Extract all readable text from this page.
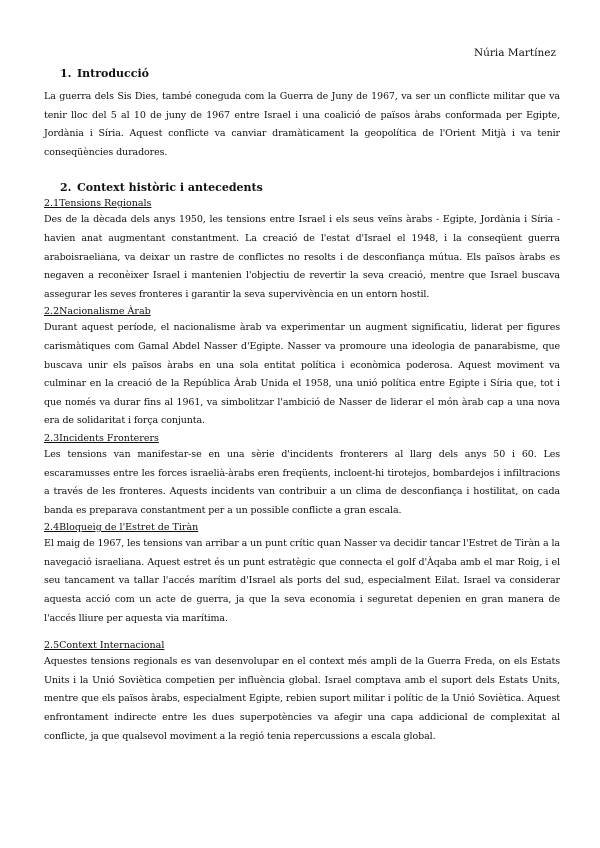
Núria Martínez
1. Introducció

La guerra dels Sis Dies, també coneguda com la Guerra de Juny de 1967, va ser un conflicte militar que va tenir lloc del 5 al 10 de juny de 1967 entre Israel i una coalició de països àrabs conformada per Egipte, Jordània i Síria. Aquest conflicte va canviar dramàticament la geopolítica de l'Orient Mitjà i va tenir conseqüències duradores.

2. Context històric i antecedents
2.1Tensions Regionals

Des de la dècada dels anys 1950, les tensions entre Israel i els seus veïns àrabs - Egipte, Jordània i Síria - havien anat augmentant constantment. La creació de l'estat d'Israel el 1948, i la conseqüent guerra araboisraeliana, va deixar un rastre de conflictes no resolts i de desconfiança mútua. Els països àrabs es negaven a reconèixer Israel i mantenien l'objectiu de revertir la seva creació, mentre que Israel buscava assegurar les seves fronteres i garantir la seva supervivència en un entorn hostil.

2.2Nacionalisme Àrab

Durant aquest període, el nacionalisme àrab va experimentar un augment significatiu, liderat per figures carismàtiques com Gamal Abdel Nasser d'Egipte. Nasser va promoure una ideologia de panarabisme, que buscava unir els països àrabs en una sola entitat política i econòmica poderosa. Aquest moviment va culminar en la creació de la República Àrab Unida el 1958, una unió política entre Egipte i Síria que, tot i que només va durar fins al 1961, va simbolitzar l'ambició de Nasser de liderar el món àrab cap a una nova era de solidaritat i força conjunta.

2.3Incidents Fronterers

Les tensions van manifestar-se en una sèrie d'incidents fronterers al llarg dels anys 50 i 60. Les escaramusses entre les forces israelià-àrabs eren freqüents, incloent-hi tirotejos, bombardejos i infiltracions a través de les fronteres. Aquests incidents van contribuir a un clima de desconfiança i hostilitat, on cada banda es preparava constantment per a un possible conflicte a gran escala.

2.4Bloqueig de l'Estret de Tiràn

El maig de 1967, les tensions van arribar a un punt crític quan Nasser va decidir tancar l'Estret de Tiràn a la navegació israeliana. Aquest estret és un punt estratègic que connecta el golf d'Àqaba amb el mar Roig, i el seu tancament va tallar l'accés marítim d'Israel als ports del sud, especialment Eilat. Israel va considerar aquesta acció com un acte de guerra, ja que la seva economia i seguretat depenien en gran manera de l'accés lliure per aquesta via marítima.

2.5Context Internacional

Aquestes tensions regionals es van desenvolupar en el context més ampli de la Guerra Freda, on els Estats Units i la Unió Soviètica competien per influència global. Israel comptava amb el suport dels Estats Units, mentre que els països àrabs, especialment Egipte, rebien suport militar i polític de la Unió Soviètica. Aquest enfrontament indirecte entre les dues superpotències va afegir una capa addicional de complexitat al conflicte, ja que qualsevol moviment a la regió tenia repercussions a escala global.
